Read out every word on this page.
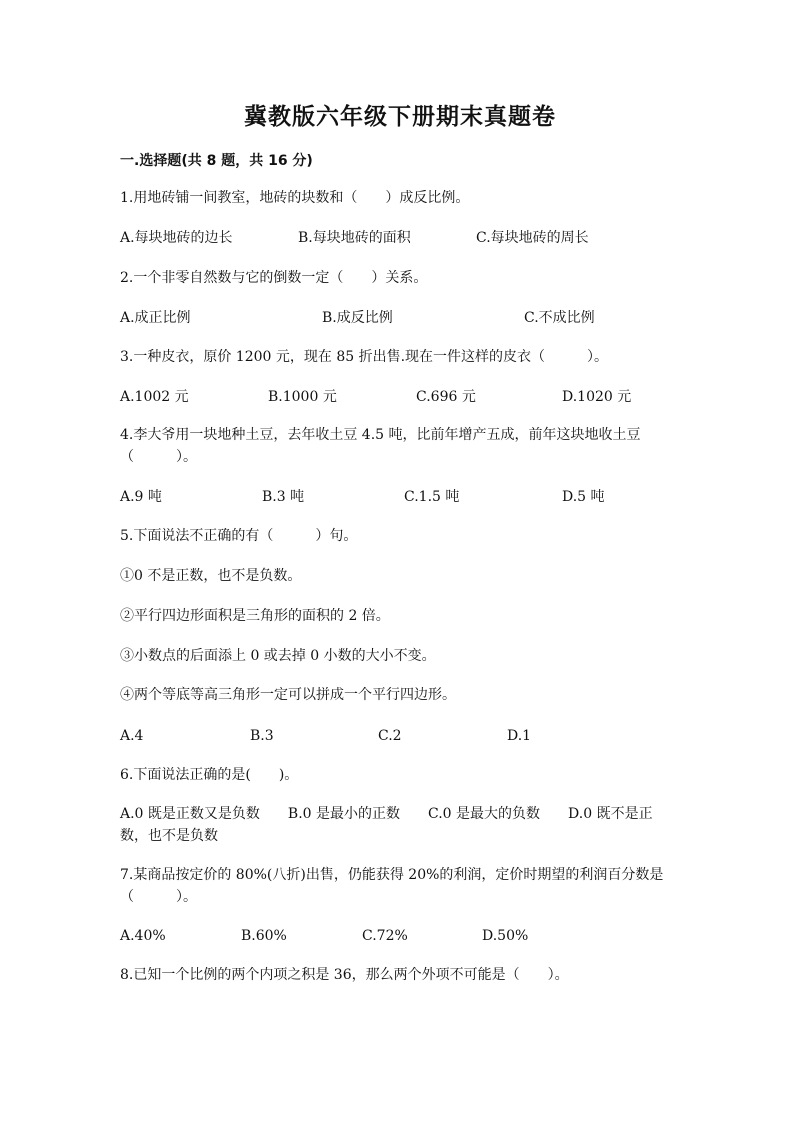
冀教版六年级下册期末真题卷
一.选择题(共 8 题，共 16 分)
1.用地砖铺一间教室，地砖的块数和（　　）成反比例。
A.每块地砖的边长	B.每块地砖的面积	C.每块地砖的周长
2.一个非零自然数与它的倒数一定（　　）关系。
A.成正比例	B.成反比例	C.不成比例
3.一种皮衣，原价 1200 元，现在 85 折出售.现在一件这样的皮衣（　　　）。
A.1002 元	B.1000 元	C.696 元	D.1020 元
4.李大爷用一块地种土豆，去年收土豆 4.5 吨，比前年增产五成，前年这块地收土豆（　　　）。
A.9 吨	B.3 吨	C.1.5 吨	D.5 吨
5.下面说法不正确的有（　　　）句。
①0 不是正数，也不是负数。
②平行四边形面积是三角形的面积的 2 倍。
③小数点的后面添上 0 或去掉 0 小数的大小不变。
④两个等底等高三角形一定可以拼成一个平行四边形。
A.4	B.3	C.2	D.1
6.下面说法正确的是(　　)。
A.0 既是正数又是负数　　B.0 是最小的正数　　C.0 是最大的负数　　D.0 既不是正数，也不是负数
7.某商品按定价的 80%(八折)出售，仍能获得 20%的利润，定价时期望的利润百分数是（　　　）。
A.40%	B.60%	C.72%	D.50%
8.已知一个比例的两个内项之积是 36，那么两个外项不可能是（　　）。
